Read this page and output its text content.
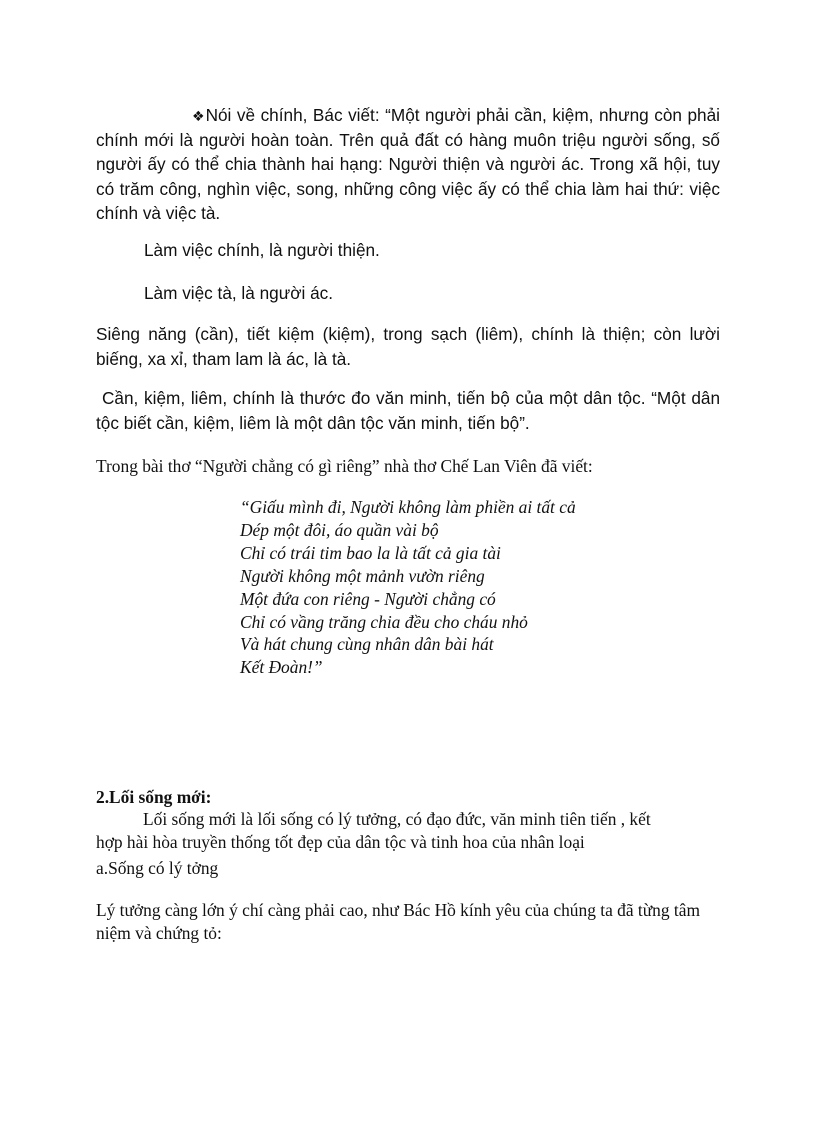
❖Nói về chính, Bác viết: “Một người phải cần, kiệm, nhưng còn phải chính mới là người hoàn toàn. Trên quả đất có hàng muôn triệu người sống, số người ấy có thể chia thành hai hạng: Người thiện và người ác. Trong xã hội, tuy có trăm công, nghìn việc, song, những công việc ấy có thể chia làm hai thứ: việc chính và việc tà.

Làm việc chính, là người thiện.

Làm việc tà, là người ác.

Siêng năng (cần), tiết kiệm (kiệm), trong sạch (liêm), chính là thiện; còn lười biếng, xa xỉ, tham lam là ác, là tà.

Cần, kiệm, liêm, chính là thước đo văn minh, tiến bộ của một dân tộc. “Một dân tộc biết cần, kiệm, liêm là một dân tộc văn minh, tiến bộ”.

Trong bài thơ “Người chẳng có gì riêng” nhà thơ Chế Lan Viên đã viết:

“Giấu mình đi, Người không làm phiền ai tất cả
Dép một đôi, áo quần vài bộ
Chỉ có trái tim bao la là tất cả gia tài
Người không một mảnh vườn riêng
Một đứa con riêng - Người chẳng có
Chỉ có vầng trăng chia đều cho cháu nhỏ
Và hát chung cùng nhân dân bài hát
Kết Đoàn!”
2.Lối sống mới:
Lối sống mới là lối sống có lý tưởng, có đạo đức, văn minh tiên tiến , kết
hợp hài hòa truyền thống tốt đẹp của dân tộc và tinh hoa của nhân loại
a.Sống có lý tởng

Lý tưởng càng lớn ý chí càng phải cao, như Bác Hồ kính yêu của chúng ta đã từng tâm niệm và chứng tỏ:
